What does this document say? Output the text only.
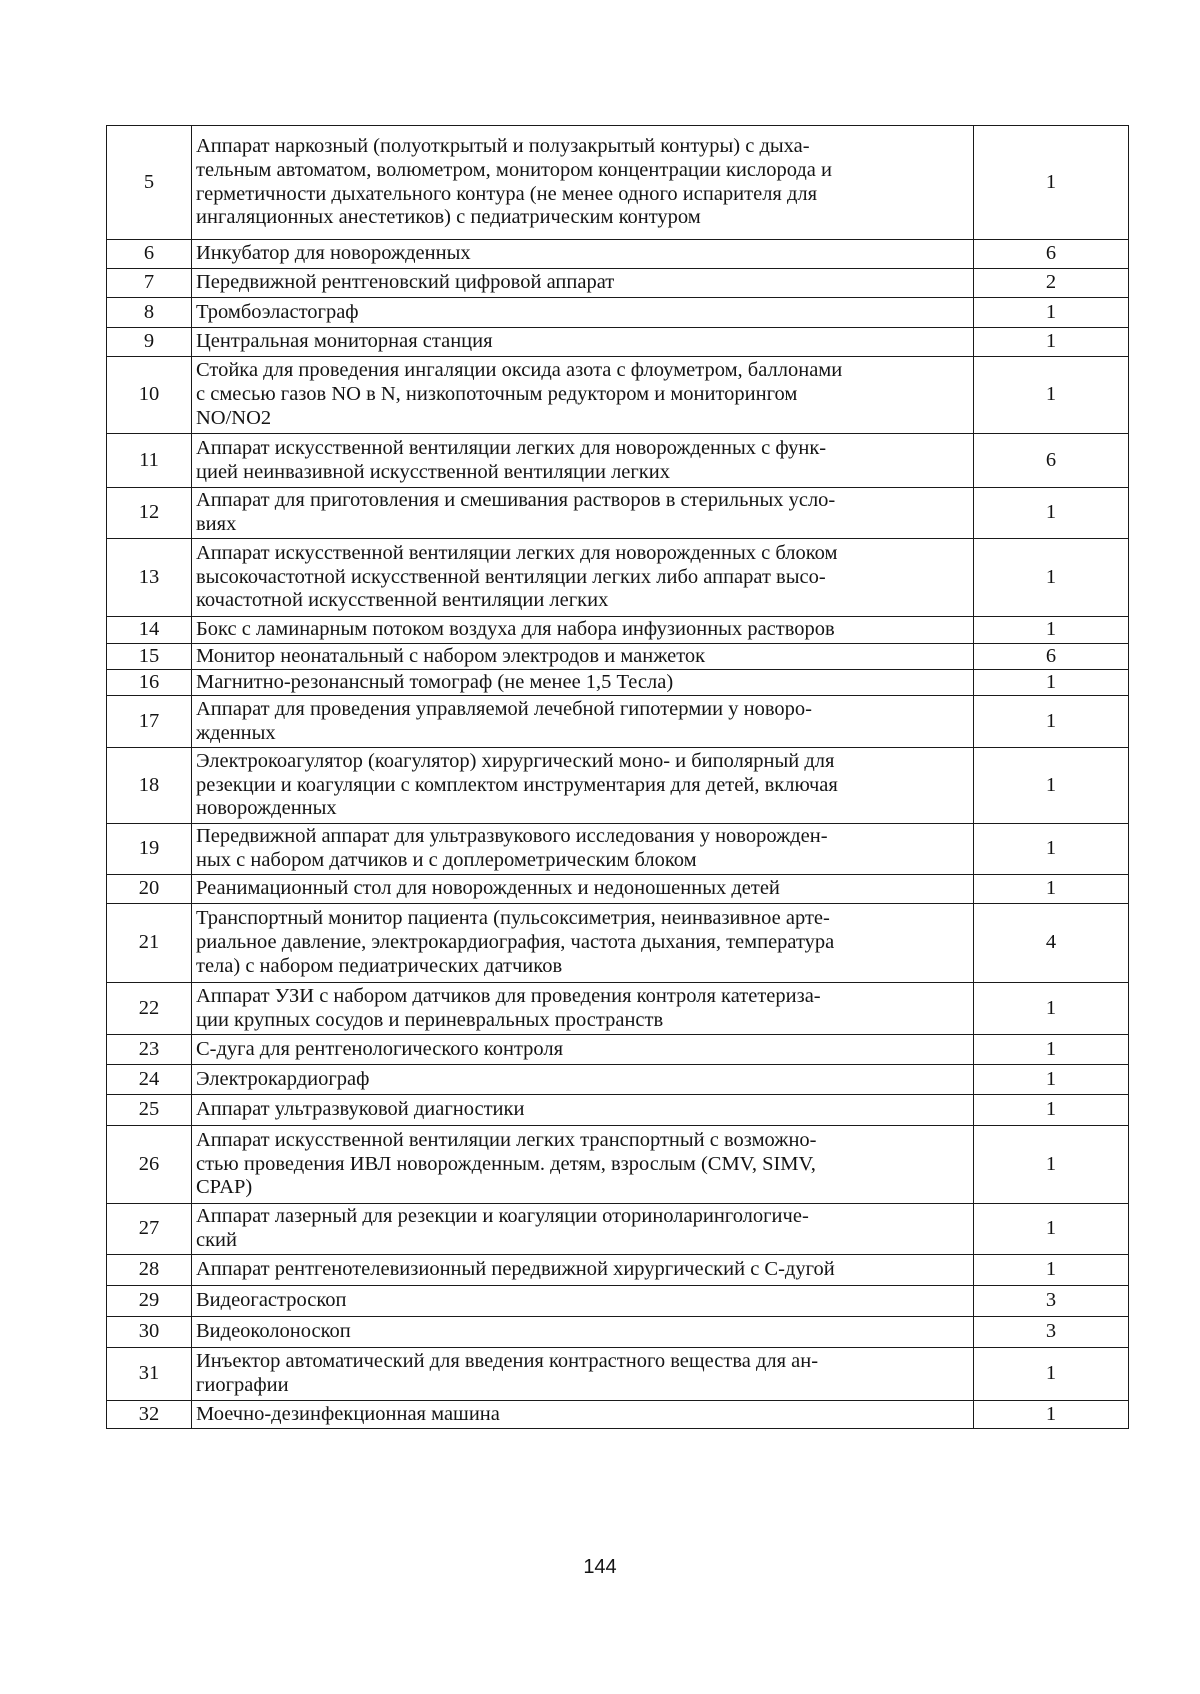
5	Аппарат наркозный (полуоткрытый и полузакрытый контуры) с дыха-
тельным автоматом, волюметром, монитором концентрации кислорода и
герметичности дыхательного контура (не менее одного испарителя для
ингаляционных анестетиков) с педиатрическим контуром	1
6	Инкубатор для новорожденных	6
7	Передвижной рентгеновский цифровой аппарат	2
8	Тромбоэластограф	1
9	Центральная мониторная станция	1
10	Стойка для проведения ингаляции оксида азота с флоуметром, баллонами
с смесью газов NO в N, низкопоточным редуктором и мониторингом
NO/NO2	1
11	Аппарат искусственной вентиляции легких для новорожденных с функ-
цией неинвазивной искусственной вентиляции легких	6
12	Аппарат для приготовления и смешивания растворов в стерильных усло-
виях	1
13	Аппарат искусственной вентиляции легких для новорожденных с блоком
высокочастотной искусственной вентиляции легких либо аппарат высо-
кочастотной искусственной вентиляции легких	1
14	Бокс с ламинарным потоком воздуха для набора инфузионных растворов	1
15	Монитор неонатальный с набором электродов и манжеток	6
16	Магнитно-резонансный томограф (не менее 1,5 Тесла)	1
17	Аппарат для проведения управляемой лечебной гипотермии у новоро-
жденных	1
18	Электрокоагулятор (коагулятор) хирургический моно- и биполярный для
резекции и коагуляции с комплектом инструментария для детей, включая
новорожденных	1
19	Передвижной аппарат для ультразвукового исследования у новорожден-
ных с набором датчиков и с доплерометрическим блоком	1
20	Реанимационный стол для новорожденных и недоношенных детей	1
21	Транспортный монитор пациента (пульсоксиметрия, неинвазивное арте-
риальное давление, электрокардиография, частота дыхания, температура
тела) с набором педиатрических датчиков	4
22	Аппарат УЗИ с набором датчиков для проведения контроля катетериза-
ции крупных сосудов и периневральных пространств	1
23	С-дуга для рентгенологического контроля	1
24	Электрокардиограф	1
25	Аппарат ультразвуковой диагностики	1
26	Аппарат искусственной вентиляции легких транспортный с возможно-
стью проведения ИВЛ новорожденным. детям, взрослым (CMV, SIMV,
CPAP)	1
27	Аппарат лазерный для резекции и коагуляции оториноларингологиче-
ский	1
28	Аппарат рентгенотелевизионный передвижной хирургический с С-дугой	1
29	Видеогастроскоп	3
30	Видеоколоноскоп	3
31	Инъектор автоматический для введения контрастного вещества для ан-
гиографии	1
32	Моечно-дезинфекционная машина	1
144
